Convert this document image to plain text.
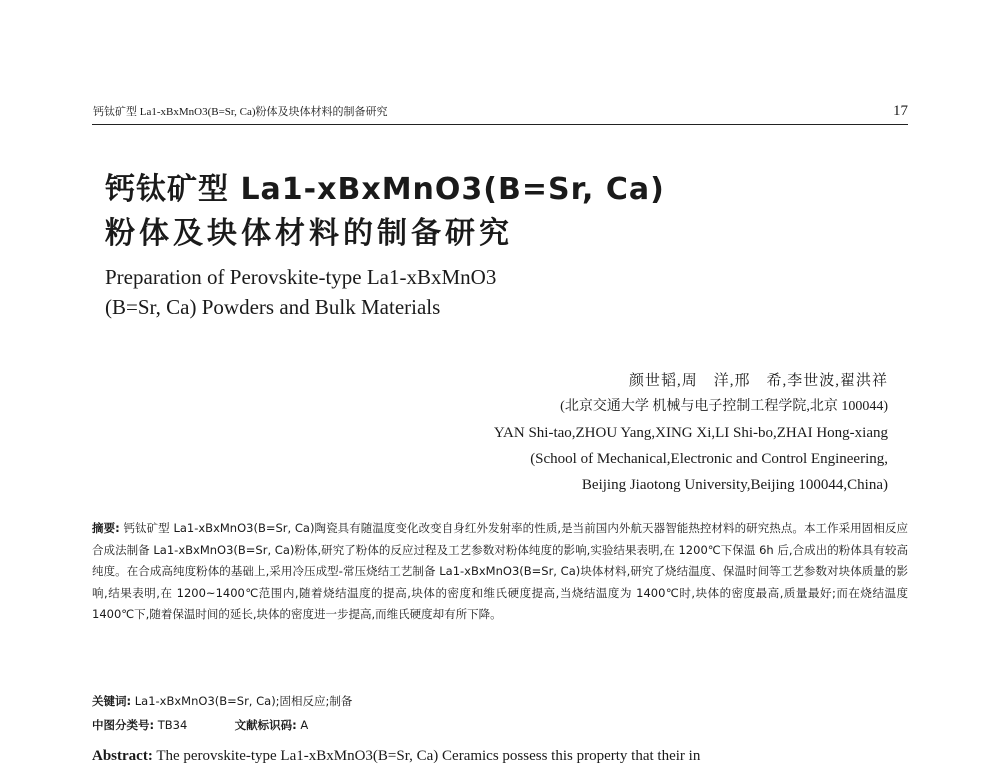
钙钛矿型 La1-xBxMnO3(B=Sr, Ca)粉体及块体材料的制备研究	17
钙钛矿型 La1-xBxMnO3(B=Sr, Ca)
粉体及块体材料的制备研究
Preparation of Perovskite-type La1-xBxMnO3
(B=Sr, Ca) Powders and Bulk Materials
颜世韬,周　洋,邢　希,李世波,翟洪祥
(北京交通大学 机械与电子控制工程学院,北京 100044)
YAN Shi-tao,ZHOU Yang,XING Xi,LI Shi-bo,ZHAI Hong-xiang
(School of Mechanical,Electronic and Control Engineering,
Beijing Jiaotong University,Beijing 100044,China)
摘要: 钙钛矿型 La1-xBxMnO3(B=Sr, Ca)陶瓷具有随温度变化改变自身红外发射率的性质,是当前国内外航天器智能热控材料的研究热点。本工作采用固相反应合成法制备 La1-xBxMnO3(B=Sr, Ca)粉体,研究了粉体的反应过程及工艺参数对粉体纯度的影响,实验结果表明,在 1200℃下保温 6h 后,合成出的粉体具有较高纯度。在合成高纯度粉体的基础上,采用冷压成型-常压烧结工艺制备 La1-xBxMnO3(B=Sr, Ca)块体材料,研究了烧结温度、保温时间等工艺参数对块体质量的影响,结果表明,在 1200~1400℃范围内,随着烧结温度的提高,块体的密度和维氏硬度提高,当烧结温度为 1400℃时,块体的密度最高,质量最好;而在烧结温度 1400℃下,随着保温时间的延长,块体的密度进一步提高,而维氏硬度却有所下降。
关键词: La1-xBxMnO3(B=Sr, Ca);固相反应;制备
中图分类号: TB34	文献标识码: A
Abstract: The perovskite-type La1-xBxMnO3(B=Sr, Ca) Ceramics possess this property that their in
